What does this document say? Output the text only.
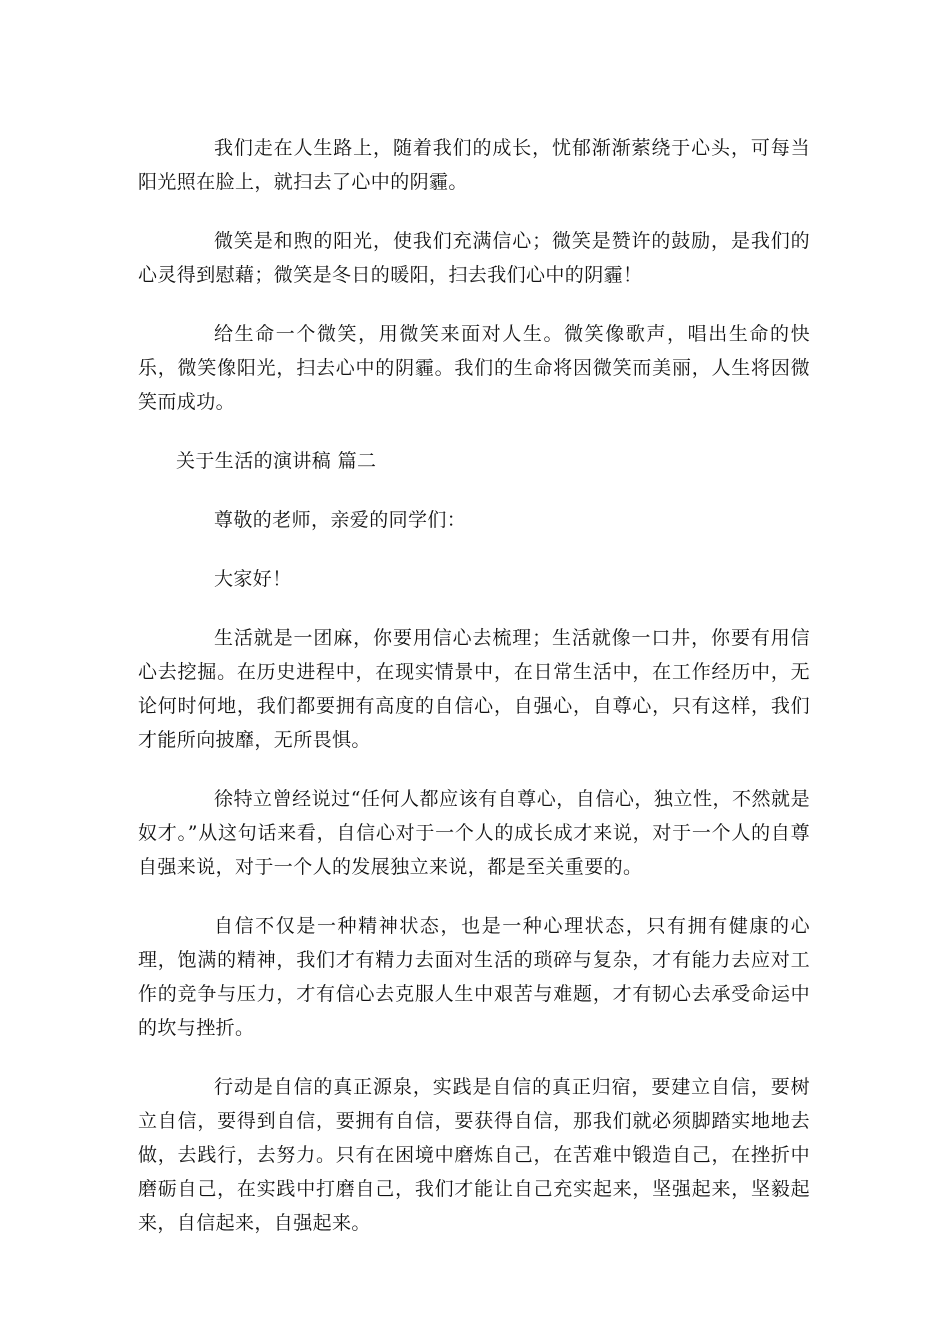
我们走在人生路上，随着我们的成长，忧郁渐渐萦绕于心头，可每当阳光照在脸上，就扫去了心中的阴霾。

微笑是和煦的阳光，使我们充满信心；微笑是赞许的鼓励，是我们的心灵得到慰藉；微笑是冬日的暖阳，扫去我们心中的阴霾！

给生命一个微笑，用微笑来面对人生。微笑像歌声，唱出生命的快乐，微笑像阳光，扫去心中的阴霾。我们的生命将因微笑而美丽，人生将因微笑而成功。

关于生活的演讲稿 篇二

尊敬的老师，亲爱的同学们：

大家好！

生活就是一团麻，你要用信心去梳理；生活就像一口井，你要有用信心去挖掘。在历史进程中，在现实情景中，在日常生活中，在工作经历中，无论何时何地，我们都要拥有高度的自信心，自强心，自尊心，只有这样，我们才能所向披靡，无所畏惧。

徐特立曾经说过“任何人都应该有自尊心，自信心，独立性，不然就是奴才。”从这句话来看，自信心对于一个人的成长成才来说，对于一个人的自尊自强来说，对于一个人的发展独立来说，都是至关重要的。

自信不仅是一种精神状态，也是一种心理状态，只有拥有健康的心理，饱满的精神，我们才有精力去面对生活的琐碎与复杂，才有能力去应对工作的竞争与压力，才有信心去克服人生中艰苦与难题，才有韧心去承受命运中的坎与挫折。

行动是自信的真正源泉，实践是自信的真正归宿，要建立自信，要树立自信，要得到自信，要拥有自信，要获得自信，那我们就必须脚踏实地地去做，去践行，去努力。只有在困境中磨炼自己，在苦难中锻造自己，在挫折中磨砺自己，在实践中打磨自己，我们才能让自己充实起来，坚强起来，坚毅起来，自信起来，自强起来。
